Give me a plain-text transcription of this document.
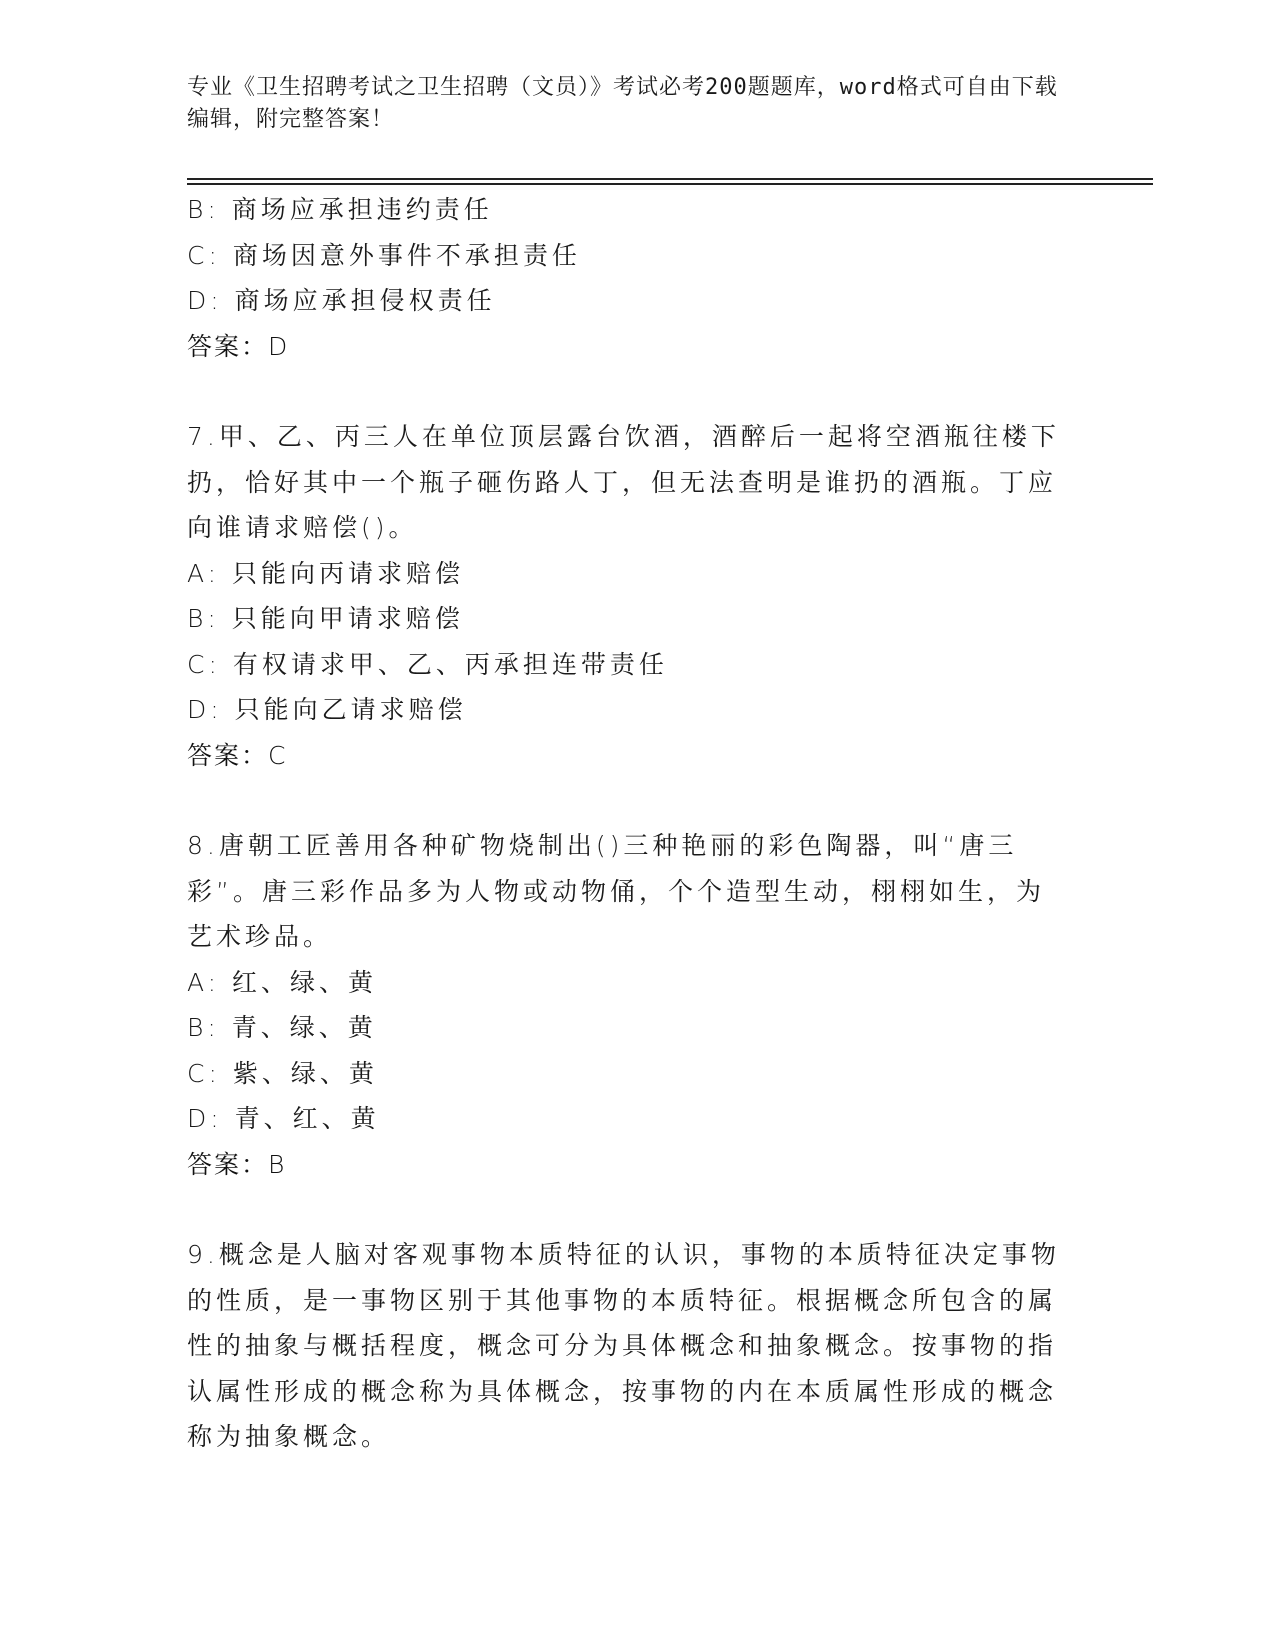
专业《卫生招聘考试之卫生招聘（文员）》考试必考200题题库，word格式可自由下载编辑，附完整答案！

B: 商场应承担违约责任

C: 商场因意外事件不承担责任

D: 商场应承担侵权责任

答案：D

7.甲、乙、丙三人在单位顶层露台饮酒，酒醉后一起将空酒瓶往楼下扔，恰好其中一个瓶子砸伤路人丁，但无法查明是谁扔的酒瓶。丁应向谁请求赔偿()。

A: 只能向丙请求赔偿

B: 只能向甲请求赔偿

C: 有权请求甲、乙、丙承担连带责任

D: 只能向乙请求赔偿

答案：C

8.唐朝工匠善用各种矿物烧制出()三种艳丽的彩色陶器，叫“唐三彩”。唐三彩作品多为人物或动物俑，个个造型生动，栩栩如生，为艺术珍品。

A: 红、绿、黄

B: 青、绿、黄

C: 紫、绿、黄

D: 青、红、黄

答案：B

9.概念是人脑对客观事物本质特征的认识，事物的本质特征决定事物的性质，是一事物区别于其他事物的本质特征。根据概念所包含的属性的抽象与概括程度，概念可分为具体概念和抽象概念。按事物的指认属性形成的概念称为具体概念，按事物的内在本质属性形成的概念称为抽象概念。
